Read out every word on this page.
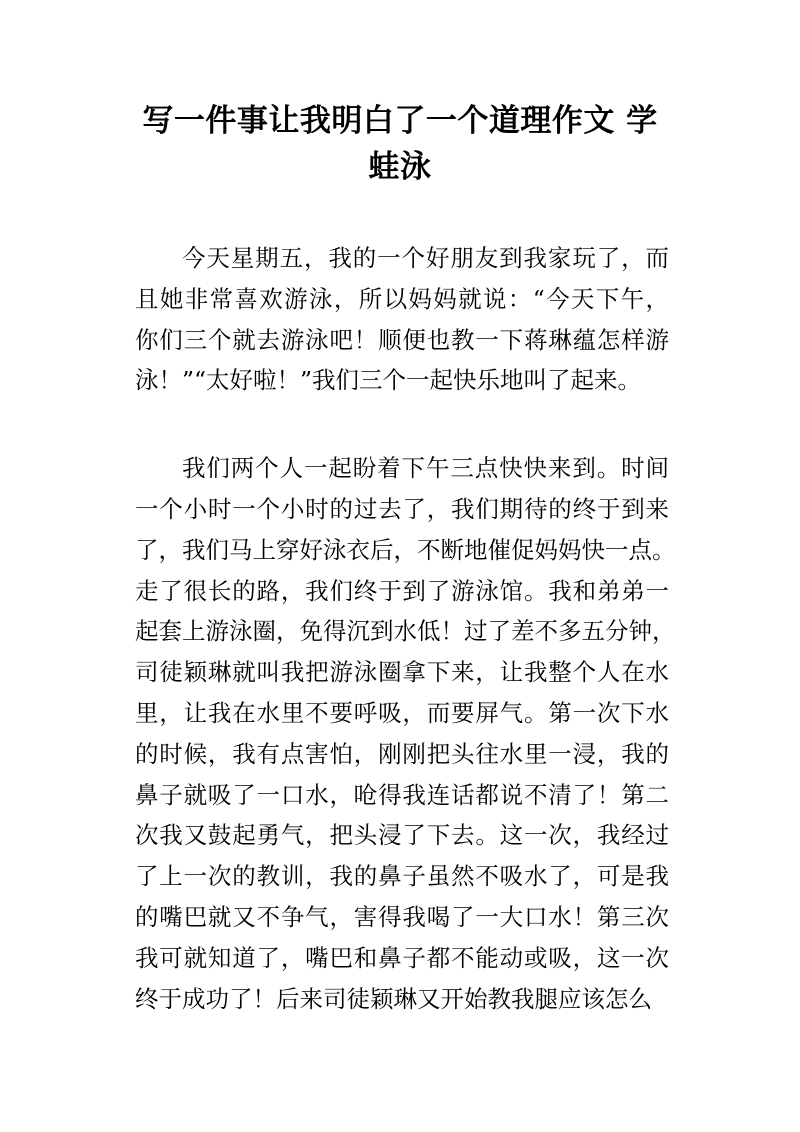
写一件事让我明白了一个道理作文 学
蛙泳

今天星期五，我的一个好朋友到我家玩了，而
且她非常喜欢游泳，所以妈妈就说：“今天下午，
你们三个就去游泳吧！顺便也教一下蒋琳蕴怎样游
泳！”“太好啦！”我们三个一起快乐地叫了起来。

我们两个人一起盼着下午三点快快来到。时间
一个小时一个小时的过去了，我们期待的终于到来
了，我们马上穿好泳衣后，不断地催促妈妈快一点。
走了很长的路，我们终于到了游泳馆。我和弟弟一
起套上游泳圈，免得沉到水低！过了差不多五分钟，
司徒颖琳就叫我把游泳圈拿下来，让我整个人在水
里，让我在水里不要呼吸，而要屏气。第一次下水
的时候，我有点害怕，刚刚把头往水里一浸，我的
鼻子就吸了一口水，呛得我连话都说不清了！第二
次我又鼓起勇气，把头浸了下去。这一次，我经过
了上一次的教训，我的鼻子虽然不吸水了，可是我
的嘴巴就又不争气，害得我喝了一大口水！第三次
我可就知道了，嘴巴和鼻子都不能动或吸，这一次
终于成功了！后来司徒颖琳又开始教我腿应该怎么
